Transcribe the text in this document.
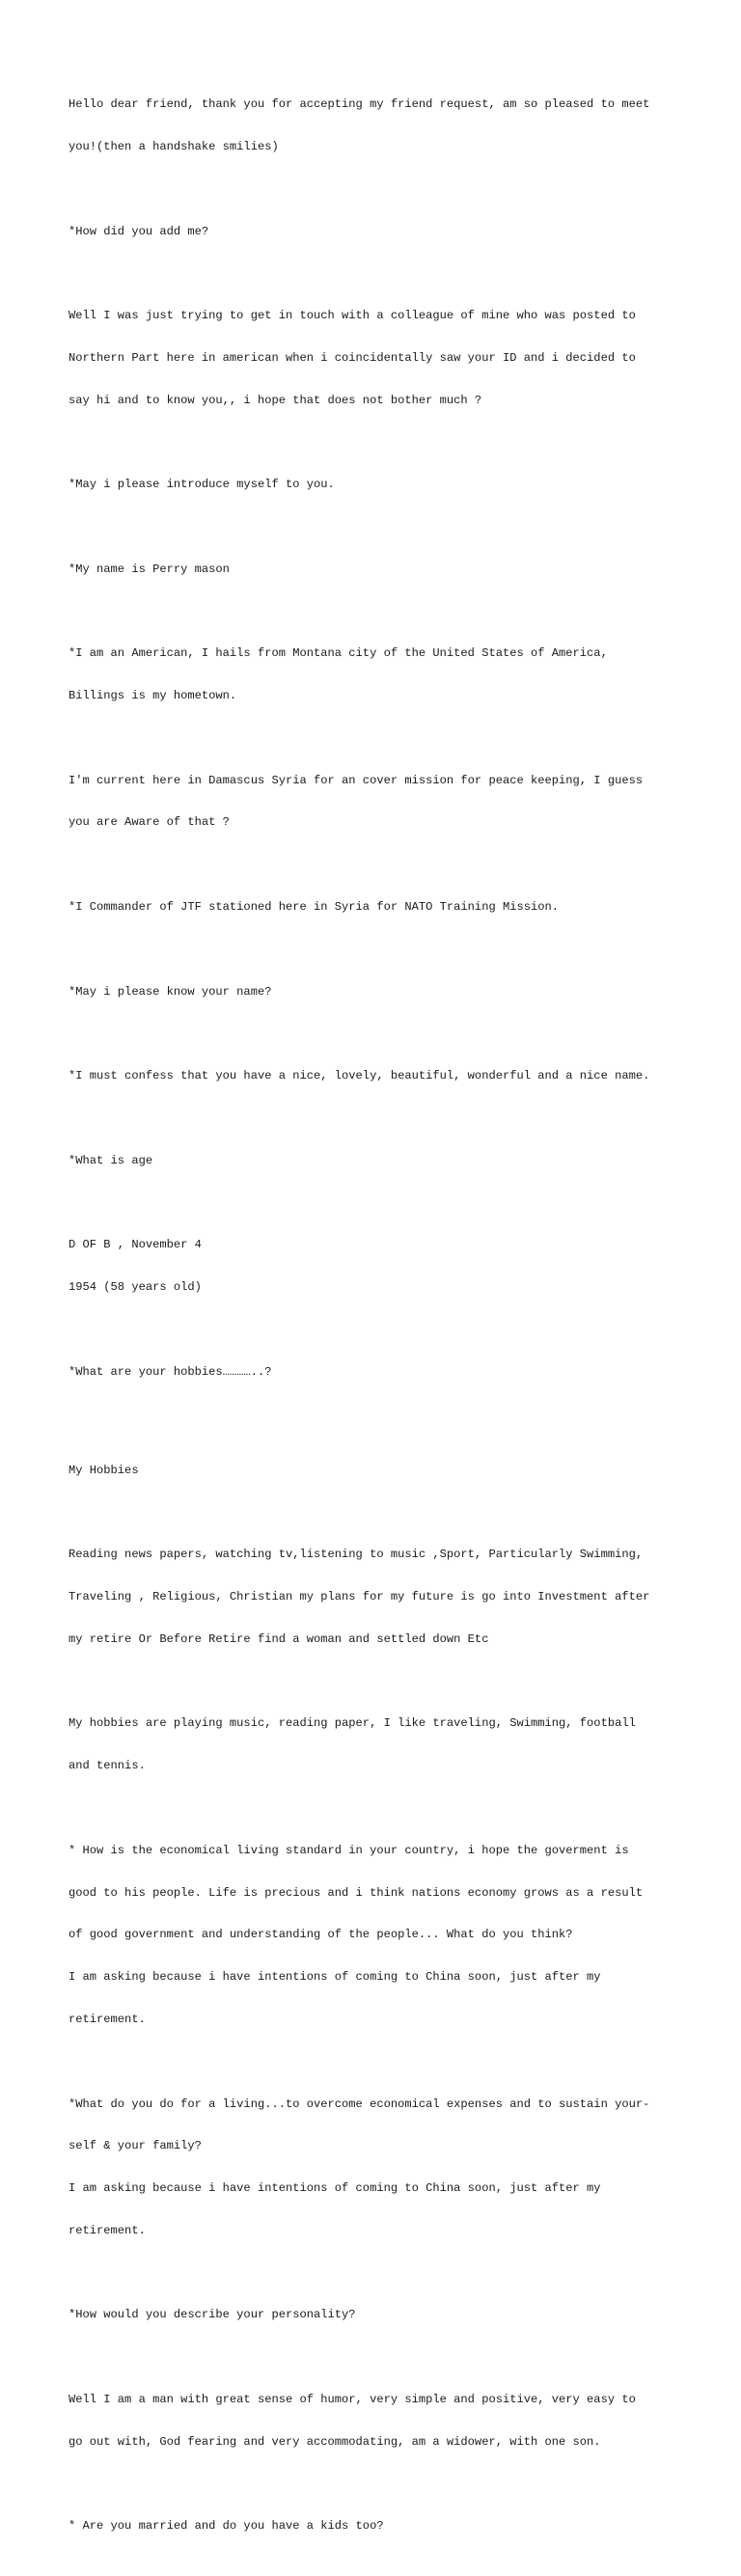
Hello dear friend, thank you for accepting my friend request, am so pleased to meet

you!(then a handshake smilies)

*How did you add me?

Well I was just trying to get in touch with a colleague of mine who was posted to

Northern Part here in american when i coincidentally saw your ID and i decided to

say hi and to know you,, i hope that does not bother much ?

*May i please introduce myself to you.

*My name is Perry mason

*I am an American, I hails from Montana city of the United States of America,

Billings is my hometown.

I'm current here in Damascus Syria for an cover mission for peace keeping, I guess

you are Aware of that ?

*I Commander of JTF stationed here in Syria for NATO Training Mission.

*May i please know your name?

*I must confess that you have a nice, lovely, beautiful, wonderful and a nice name.

*What is age

D OF B , November 4

1954 (58 years old)

*What are your hobbies…………..?

My Hobbies

Reading news papers, watching tv,listening to music ,Sport, Particularly Swimming,

Traveling , Religious, Christian my plans for my future is go into Investment after

my retire Or Before Retire find a woman and settled down Etc

My hobbies are playing music, reading paper, I like traveling, Swimming, football

and tennis.

* How is the economical living standard in your country, i hope the goverment is

good to his people. Life is precious and i think nations economy grows as a result

of good government and understanding of the people... What do you think?

I am asking because i have intentions of coming to China soon, just after my

retirement.

*What do you do for a living...to overcome economical expenses and to sustain your-

self & your family?

I am asking because i have intentions of coming to China soon, just after my

retirement.

*How would you describe your personality?

Well I am a man with great sense of humor, very simple and positive, very easy to

go out with, God fearing and very accommodating, am a widower, with one son.

* Are you married and do you have a kids too?
